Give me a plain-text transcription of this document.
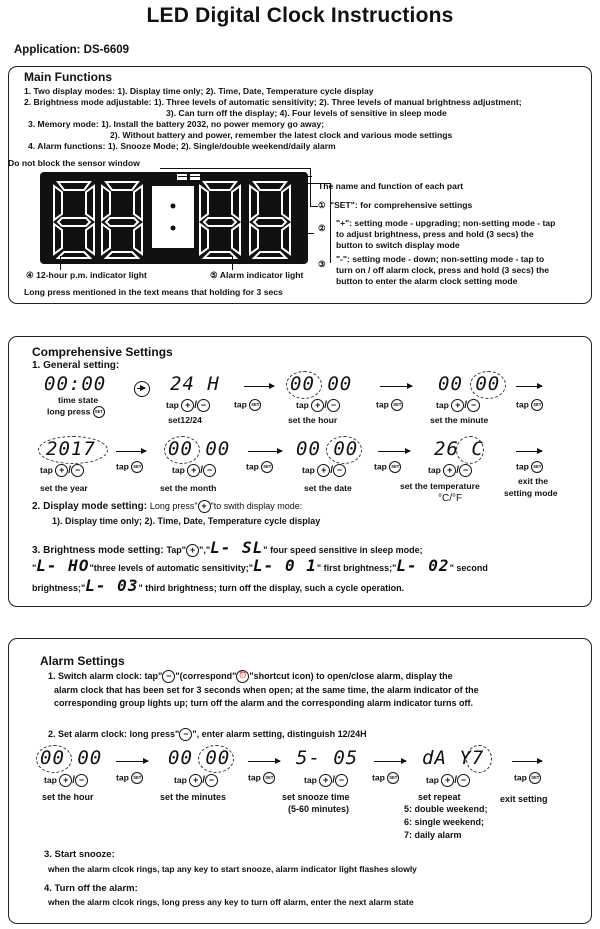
LED Digital Clock Instructions
Application: DS-6609
Main Functions
1. Two display modes: 1). Display time only; 2). Time, Date, Temperature cycle display
2. Brightness mode adjustable: 1). Three levels of automatic sensitivity; 2). Three levels of manual brightness adjustment;
3). Can turn off the display; 4). Four levels of sensitive in sleep mode
3. Memory mode: 1). Install the battery 2032, no power memory go away;
2). Without battery and power, remember the latest clock and various mode settings
4. Alarm functions: 1). Snooze Mode; 2). Single/double weekend/daily alarm
Do not block the sensor window
The name and function of each part
① "SET": for comprehensive settings
② "+": setting mode - upgrading; non-setting mode - tap
to adjust brightness, press and hold (3 secs) the
button to switch display mode
③ "-": setting mode - down; non-setting mode - tap to
turn on / off alarm clock, press and hold (3 secs) the
button to enter the alarm clock setting mode
④ 12-hour p.m. indicator light	⑤ Alarm indicator light
Long press mentioned in the text means that holding for 3 secs
Comprehensive Settings
1. General setting:
00:00
time state
long press SET
24 H
tap + / −
set12/24
tap SET
00 00
tap + / −
set the hour
tap SET
00 00
tap + / −
set the minute
tap SET
2017
tap + / −
set the year
tap SET
00 00
tap + / −
set the month
tap SET
00 00
tap + / −
set the date
tap SET
26 C
tap + / −
set the temperature
°C/°F
tap SET
exit the
setting mode
2. Display mode setting: Long press" + "to swith display mode:
1). Display time only; 2). Time, Date, Temperature cycle display
3. Brightness mode setting: Tap" + ","L- SL" four speed sensitive in sleep mode;
"L- HO"three levels of automatic sensitivity;"L- 0 1" first brightness;"L- 02" second
brightness;"L- 03" third brightness; turn off the display, such a cycle operation.
Alarm Settings
1. Switch alarm clock: tap" − "(correspond" ⏰ "shortcut icon) to open/close alarm, display the
alarm clock that has been set for 3 seconds when open; at the same time, the alarm indicator of the
corresponding group lights up; turn off the alarm and the corresponding alarm indicator turns off.
2. Set alarm clock: long press" − ", enter alarm setting, distinguish 12/24H
00 00
tap + / −
set the hour
tap SET
00 00
tap + / −
set the minutes
tap SET
5- 05
tap + / −
set snooze time
(5-60 minutes)
tap SET
dA Y7
tap + / −
set repeat
5: double weekend;
6: single weekend;
7: daily alarm
tap SET
exit setting
3. Start snooze:
when the alarm clcok rings, tap any key to start snooze, alarm indicator light flashes slowly
4. Turn off the alarm:
when the alarm clcok rings, long press any key to turn off alarm, enter the next alarm state
